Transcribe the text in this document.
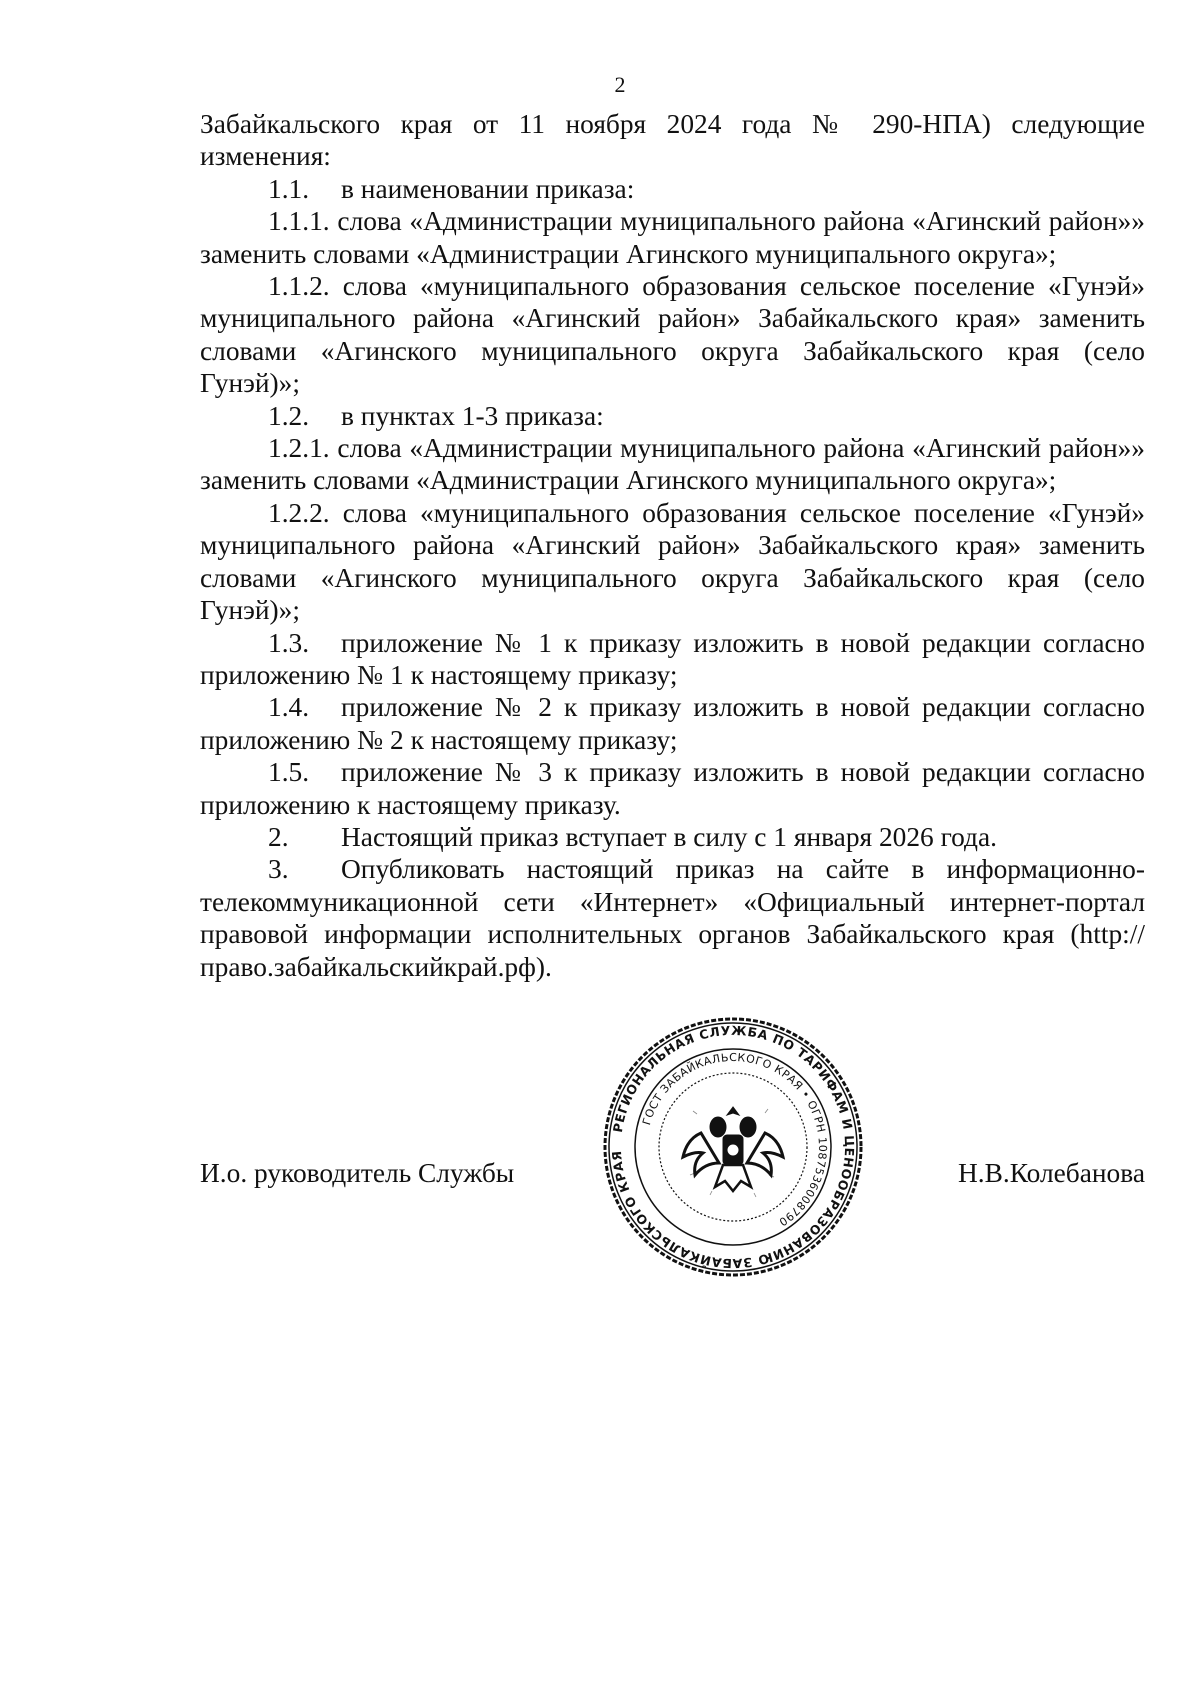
2

Забайкальского края от 11 ноября 2024 года № 290-НПА) следующие изменения:

1.1. в наименовании приказа:

1.1.1. слова «Администрации муниципального района «Агинский район»» заменить словами «Администрации Агинского муниципального округа»;

1.1.2. слова «муниципального образования сельское поселение «Гунэй» муниципального района «Агинский район» Забайкальского края» заменить словами «Агинского муниципального округа Забайкальского края (село Гунэй)»;

1.2. в пунктах 1-3 приказа:

1.2.1. слова «Администрации муниципального района «Агинский район»» заменить словами «Администрации Агинского муниципального округа»;

1.2.2. слова «муниципального образования сельское поселение «Гунэй» муниципального района «Агинский район» Забайкальского края» заменить словами «Агинского муниципального округа Забайкальского края (село Гунэй)»;

1.3. приложение № 1 к приказу изложить в новой редакции согласно приложению № 1 к настоящему приказу;

1.4. приложение № 2 к приказу изложить в новой редакции согласно приложению № 2 к настоящему приказу;

1.5. приложение № 3 к приказу изложить в новой редакции согласно приложению к настоящему приказу.

2. Настоящий приказ вступает в силу с 1 января 2026 года.

3. Опубликовать настоящий приказ на сайте в информационно-телекоммуникационной сети «Интернет» «Официальный интернет-портал правовой информации исполнительных органов Забайкальского края (http://право.забайкальскийкрай.рф).

РЕГИОНАЛЬНАЯ СЛУЖБА ПО ТАРИФАМ И ЦЕНООБРАЗОВАНИЮ ЗАБАЙКАЛЬСКОГО КРАЯ
ГОСТ ЗАБАЙКАЛЬСКОГО КРАЯ • ОГРН 1087536008790
И.о. руководитель Службы	Н.В.Колебанова
